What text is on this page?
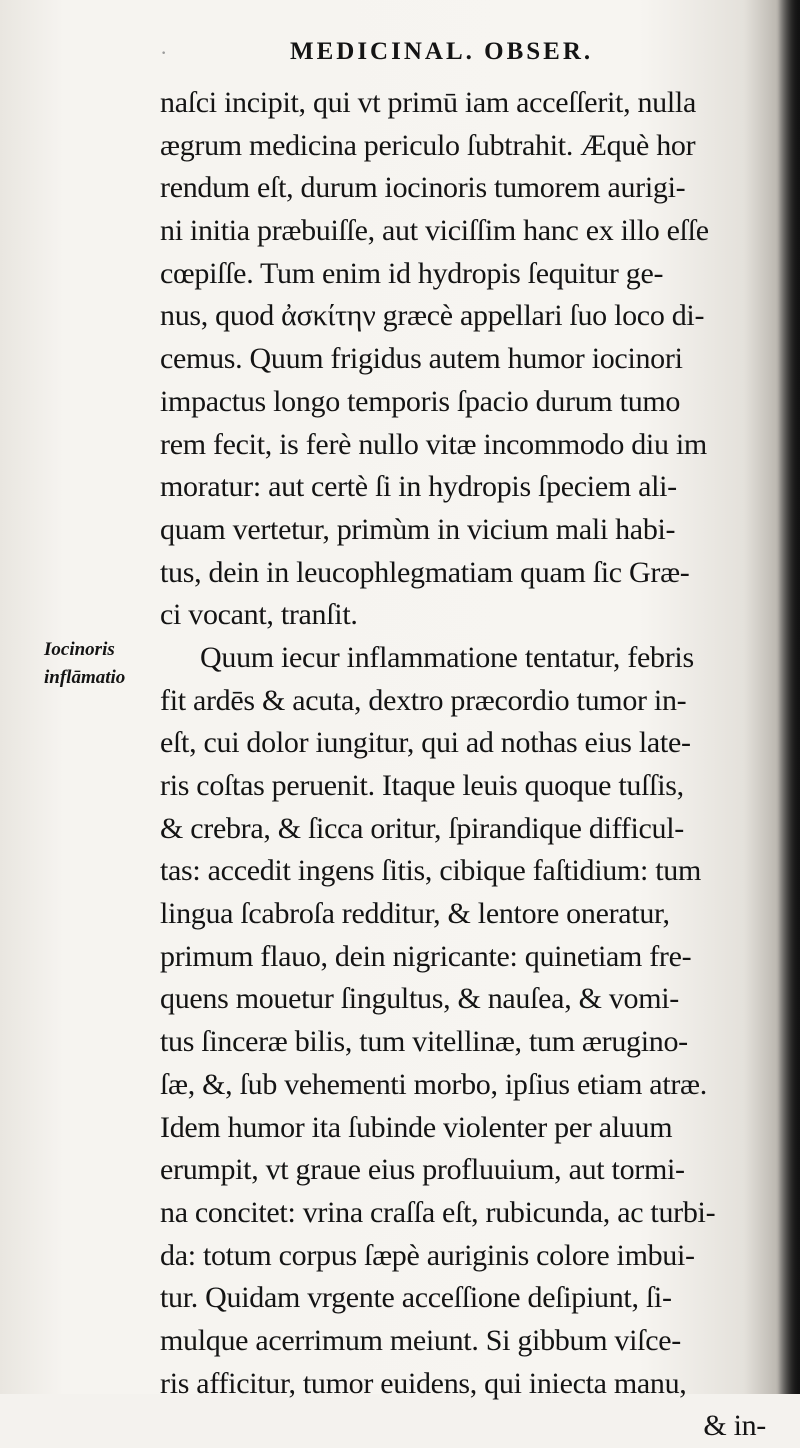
·	MEDICINAL. OBSER.
naſci incipit, qui vt primū iam acceſſerit, nulla
ægrum medicina periculo ſubtrahit. Æquè hor
rendum eſt, durum iocinoris tumorem aurigi-
ni initia præbuiſſe, aut viciſſim hanc ex illo eſſe
cœpiſſe. Tum enim id hydropis ſequitur ge-
nus, quod ἀσκίτην græcè appellari ſuo loco di-
cemus. Quum frigidus autem humor iocinori
impactus longo temporis ſpacio durum tumo
rem fecit, is ferè nullo vitæ incommodo diu im
moratur: aut certè ſi in hydropis ſpeciem ali-
quam vertetur, primùm in vicium mali habi-
tus, dein in leucophlegmatiam quam ſic Græ-
ci vocant, tranſit.
Quum iecur inflammatione tentatur, febris
fit ardēs & acuta, dextro præcordio tumor in-
eſt, cui dolor iungitur, qui ad nothas eius late-
ris coſtas peruenit. Itaque leuis quoque tuſſis,
& crebra, & ſicca oritur, ſpirandique difficul-
tas: accedit ingens ſitis, cibique faſtidium: tum
lingua ſcabroſa redditur, & lentore oneratur,
primum flauo, dein nigricante: quinetiam fre-
quens mouetur ſingultus, & nauſea, & vomi-
tus ſinceræ bilis, tum vitellinæ, tum ærugino-
ſæ, &, ſub vehementi morbo, ipſius etiam atræ.
Idem humor ita ſubinde violenter per aluum
erumpit, vt graue eius profluuium, aut tormi-
na concitet: vrina craſſa eſt, rubicunda, ac turbi-
da: totum corpus ſæpè auriginis colore imbui-
tur. Quidam vrgente acceſſione deſipiunt, ſi-
mulque acerrimum meiunt. Si gibbum viſce-
ris afficitur, tumor euidens, qui iniecta manu,
& in-
Iocinoris
inflāmatio
